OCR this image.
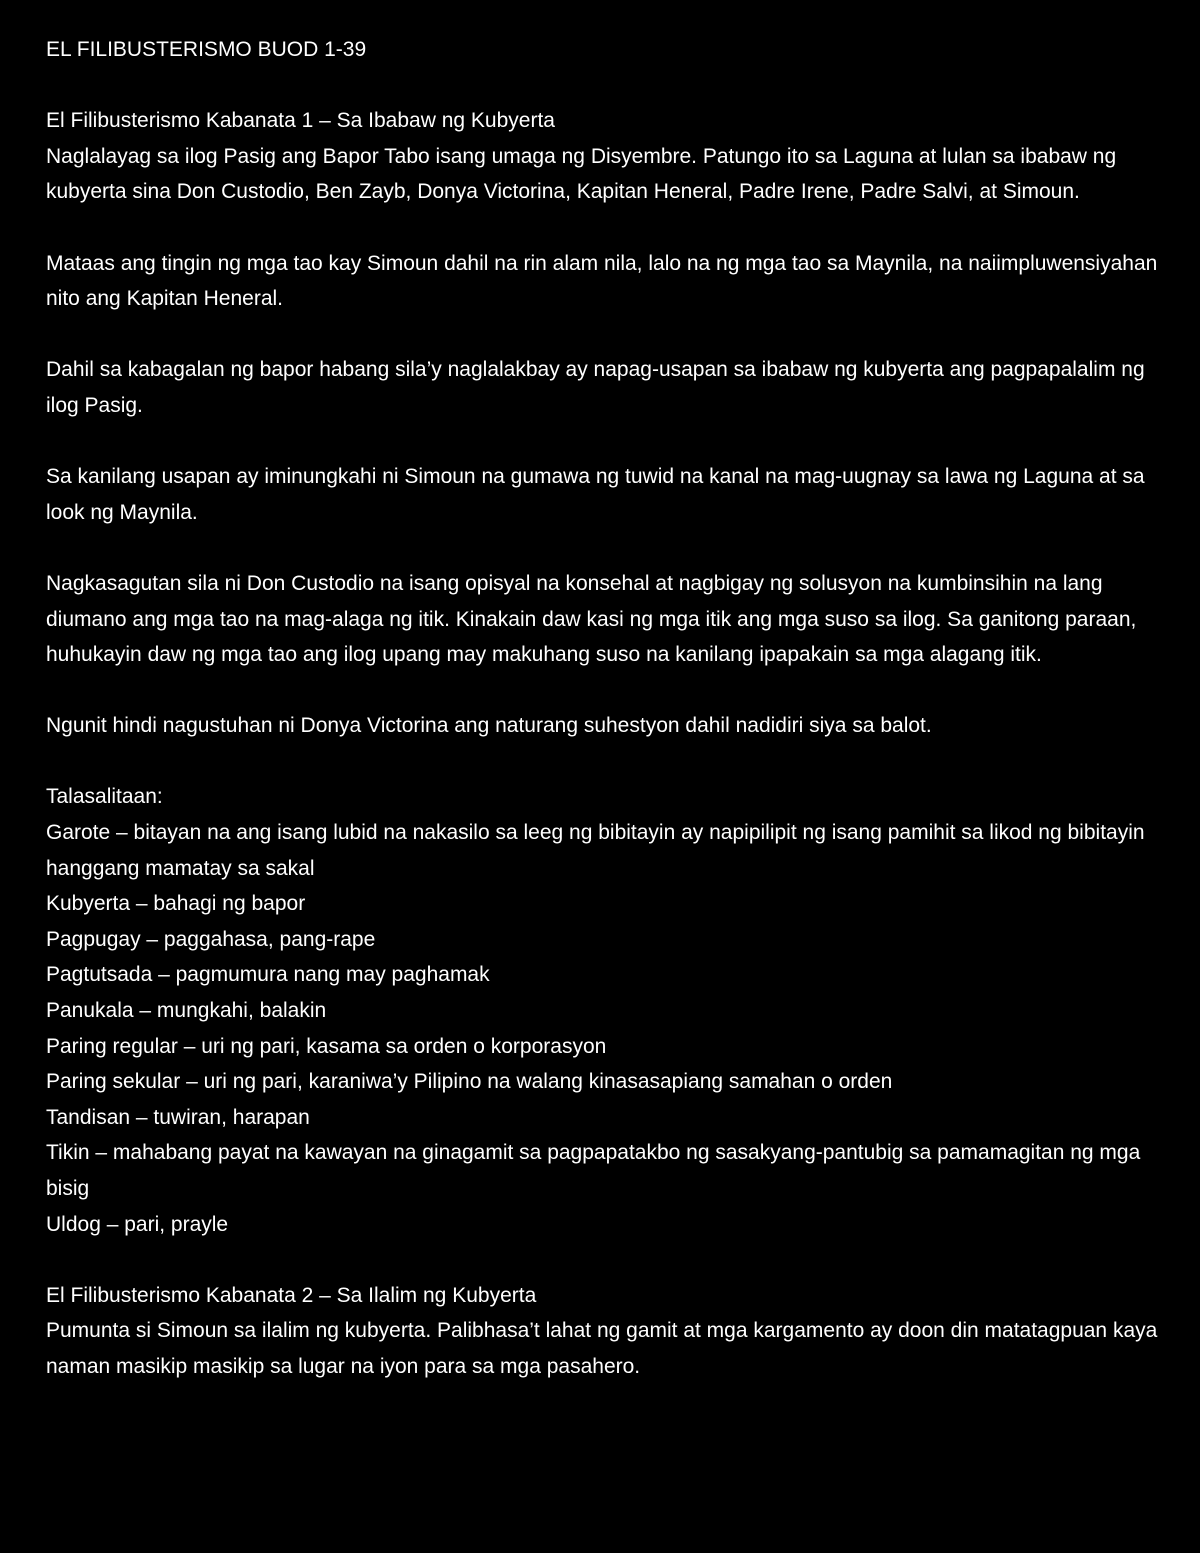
EL FILIBUSTERISMO BUOD 1-39

El Filibusterismo Kabanata 1 – Sa Ibabaw ng Kubyerta

Naglalayag sa ilog Pasig ang Bapor Tabo isang umaga ng Disyembre. Patungo ito sa Laguna at lulan sa ibabaw ng kubyerta sina Don Custodio, Ben Zayb, Donya Victorina, Kapitan Heneral, Padre Irene, Padre Salvi, at Simoun.

Mataas ang tingin ng mga tao kay Simoun dahil na rin alam nila, lalo na ng mga tao sa Maynila, na naiimpluwensiyahan nito ang Kapitan Heneral.

Dahil sa kabagalan ng bapor habang sila’y naglalakbay ay napag-usapan sa ibabaw ng kubyerta ang pagpapalalim ng ilog Pasig.

Sa kanilang usapan ay iminungkahi ni Simoun na gumawa ng tuwid na kanal na mag-uugnay sa lawa ng Laguna at sa look ng Maynila.

Nagkasagutan sila ni Don Custodio na isang opisyal na konsehal at nagbigay ng solusyon na kumbinsihin na lang diumano ang mga tao na mag-alaga ng itik. Kinakain daw kasi ng mga itik ang mga suso sa ilog. Sa ganitong paraan, huhukayin daw ng mga tao ang ilog upang may makuhang suso na kanilang ipapakain sa mga alagang itik.

Ngunit hindi nagustuhan ni Donya Victorina ang naturang suhestyon dahil nadidiri siya sa balot.

Talasalitaan:

Garote – bitayan na ang isang lubid na nakasilo sa leeg ng bibitayin ay napipilipit ng isang pamihit sa likod ng bibitayin hanggang mamatay sa sakal
Kubyerta – bahagi ng bapor
Pagpugay – paggahasa, pang-rape
Pagtutsada – pagmumura nang may paghamak
Panukala – mungkahi, balakin
Paring regular – uri ng pari, kasama sa orden o korporasyon
Paring sekular – uri ng pari, karaniwa’y Pilipino na walang kinasasapiang samahan o orden
Tandisan – tuwiran, harapan
Tikin – mahabang payat na kawayan na ginagamit sa pagpapatakbo ng sasakyang-pantubig sa pamamagitan ng mga bisig
Uldog – pari, prayle

El Filibusterismo Kabanata 2 – Sa Ilalim ng Kubyerta

Pumunta si Simoun sa ilalim ng kubyerta. Palibhasa’t lahat ng gamit at mga kargamento ay doon din matatagpuan kaya naman masikip masikip sa lugar na iyon para sa mga pasahero.
